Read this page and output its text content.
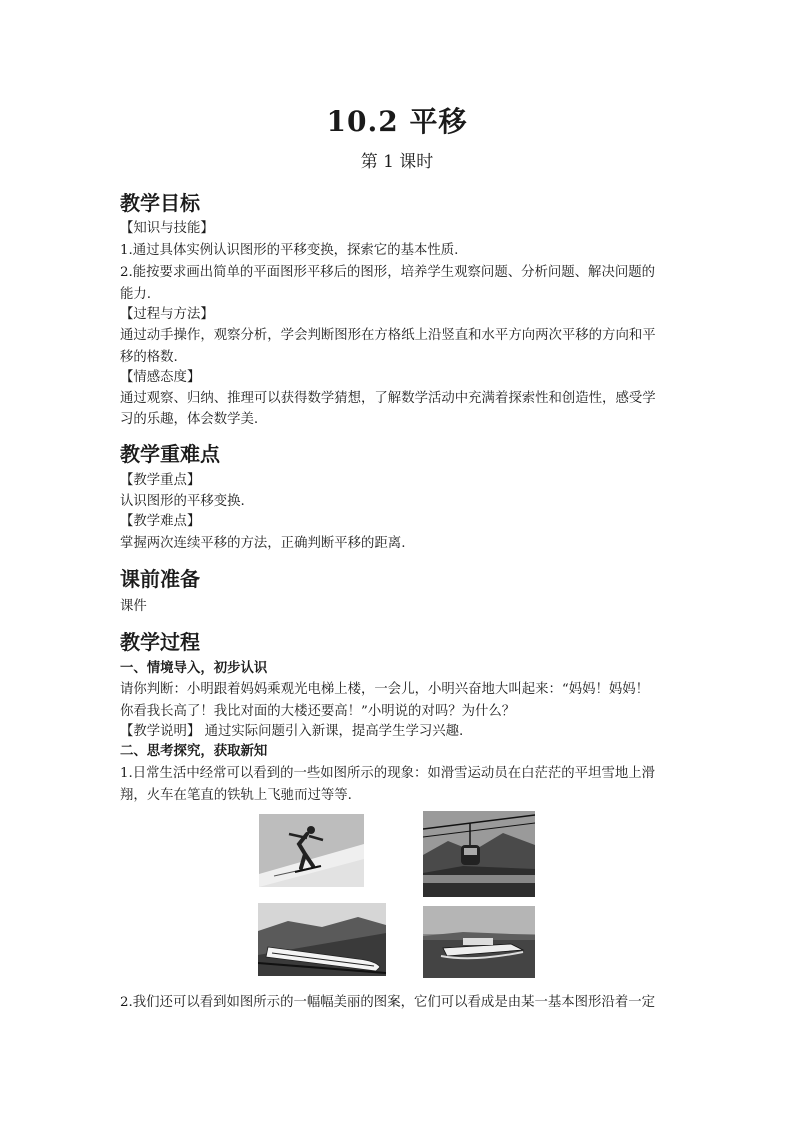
10.2 平移
第 1 课时
教学目标
【知识与技能】
1.通过具体实例认识图形的平移变换，探索它的基本性质.
2.能按要求画出简单的平面图形平移后的图形，培养学生观察问题、分析问题、解决问题的
能力.
【过程与方法】
通过动手操作，观察分析，学会判断图形在方格纸上沿竖直和水平方向两次平移的方向和平
移的格数.
【情感态度】
通过观察、归纳、推理可以获得数学猜想，了解数学活动中充满着探索性和创造性，感受学
习的乐趣，体会数学美.
教学重难点
【教学重点】
认识图形的平移变换.
【教学难点】
掌握两次连续平移的方法，正确判断平移的距离.
课前准备
课件
教学过程
一、情境导入，初步认识
请你判断：小明跟着妈妈乘观光电梯上楼，一会儿，小明兴奋地大叫起来：“妈妈！妈妈！
你看我长高了！我比对面的大楼还要高！”小明说的对吗？为什么？
【教学说明】 通过实际问题引入新课，提高学生学习兴趣.
二、思考探究，获取新知
1.日常生活中经常可以看到的一些如图所示的现象：如滑雪运动员在白茫茫的平坦雪地上滑
翔，火车在笔直的铁轨上飞驰而过等等.
2.我们还可以看到如图所示的一幅幅美丽的图案，它们可以看成是由某一基本图形沿着一定
